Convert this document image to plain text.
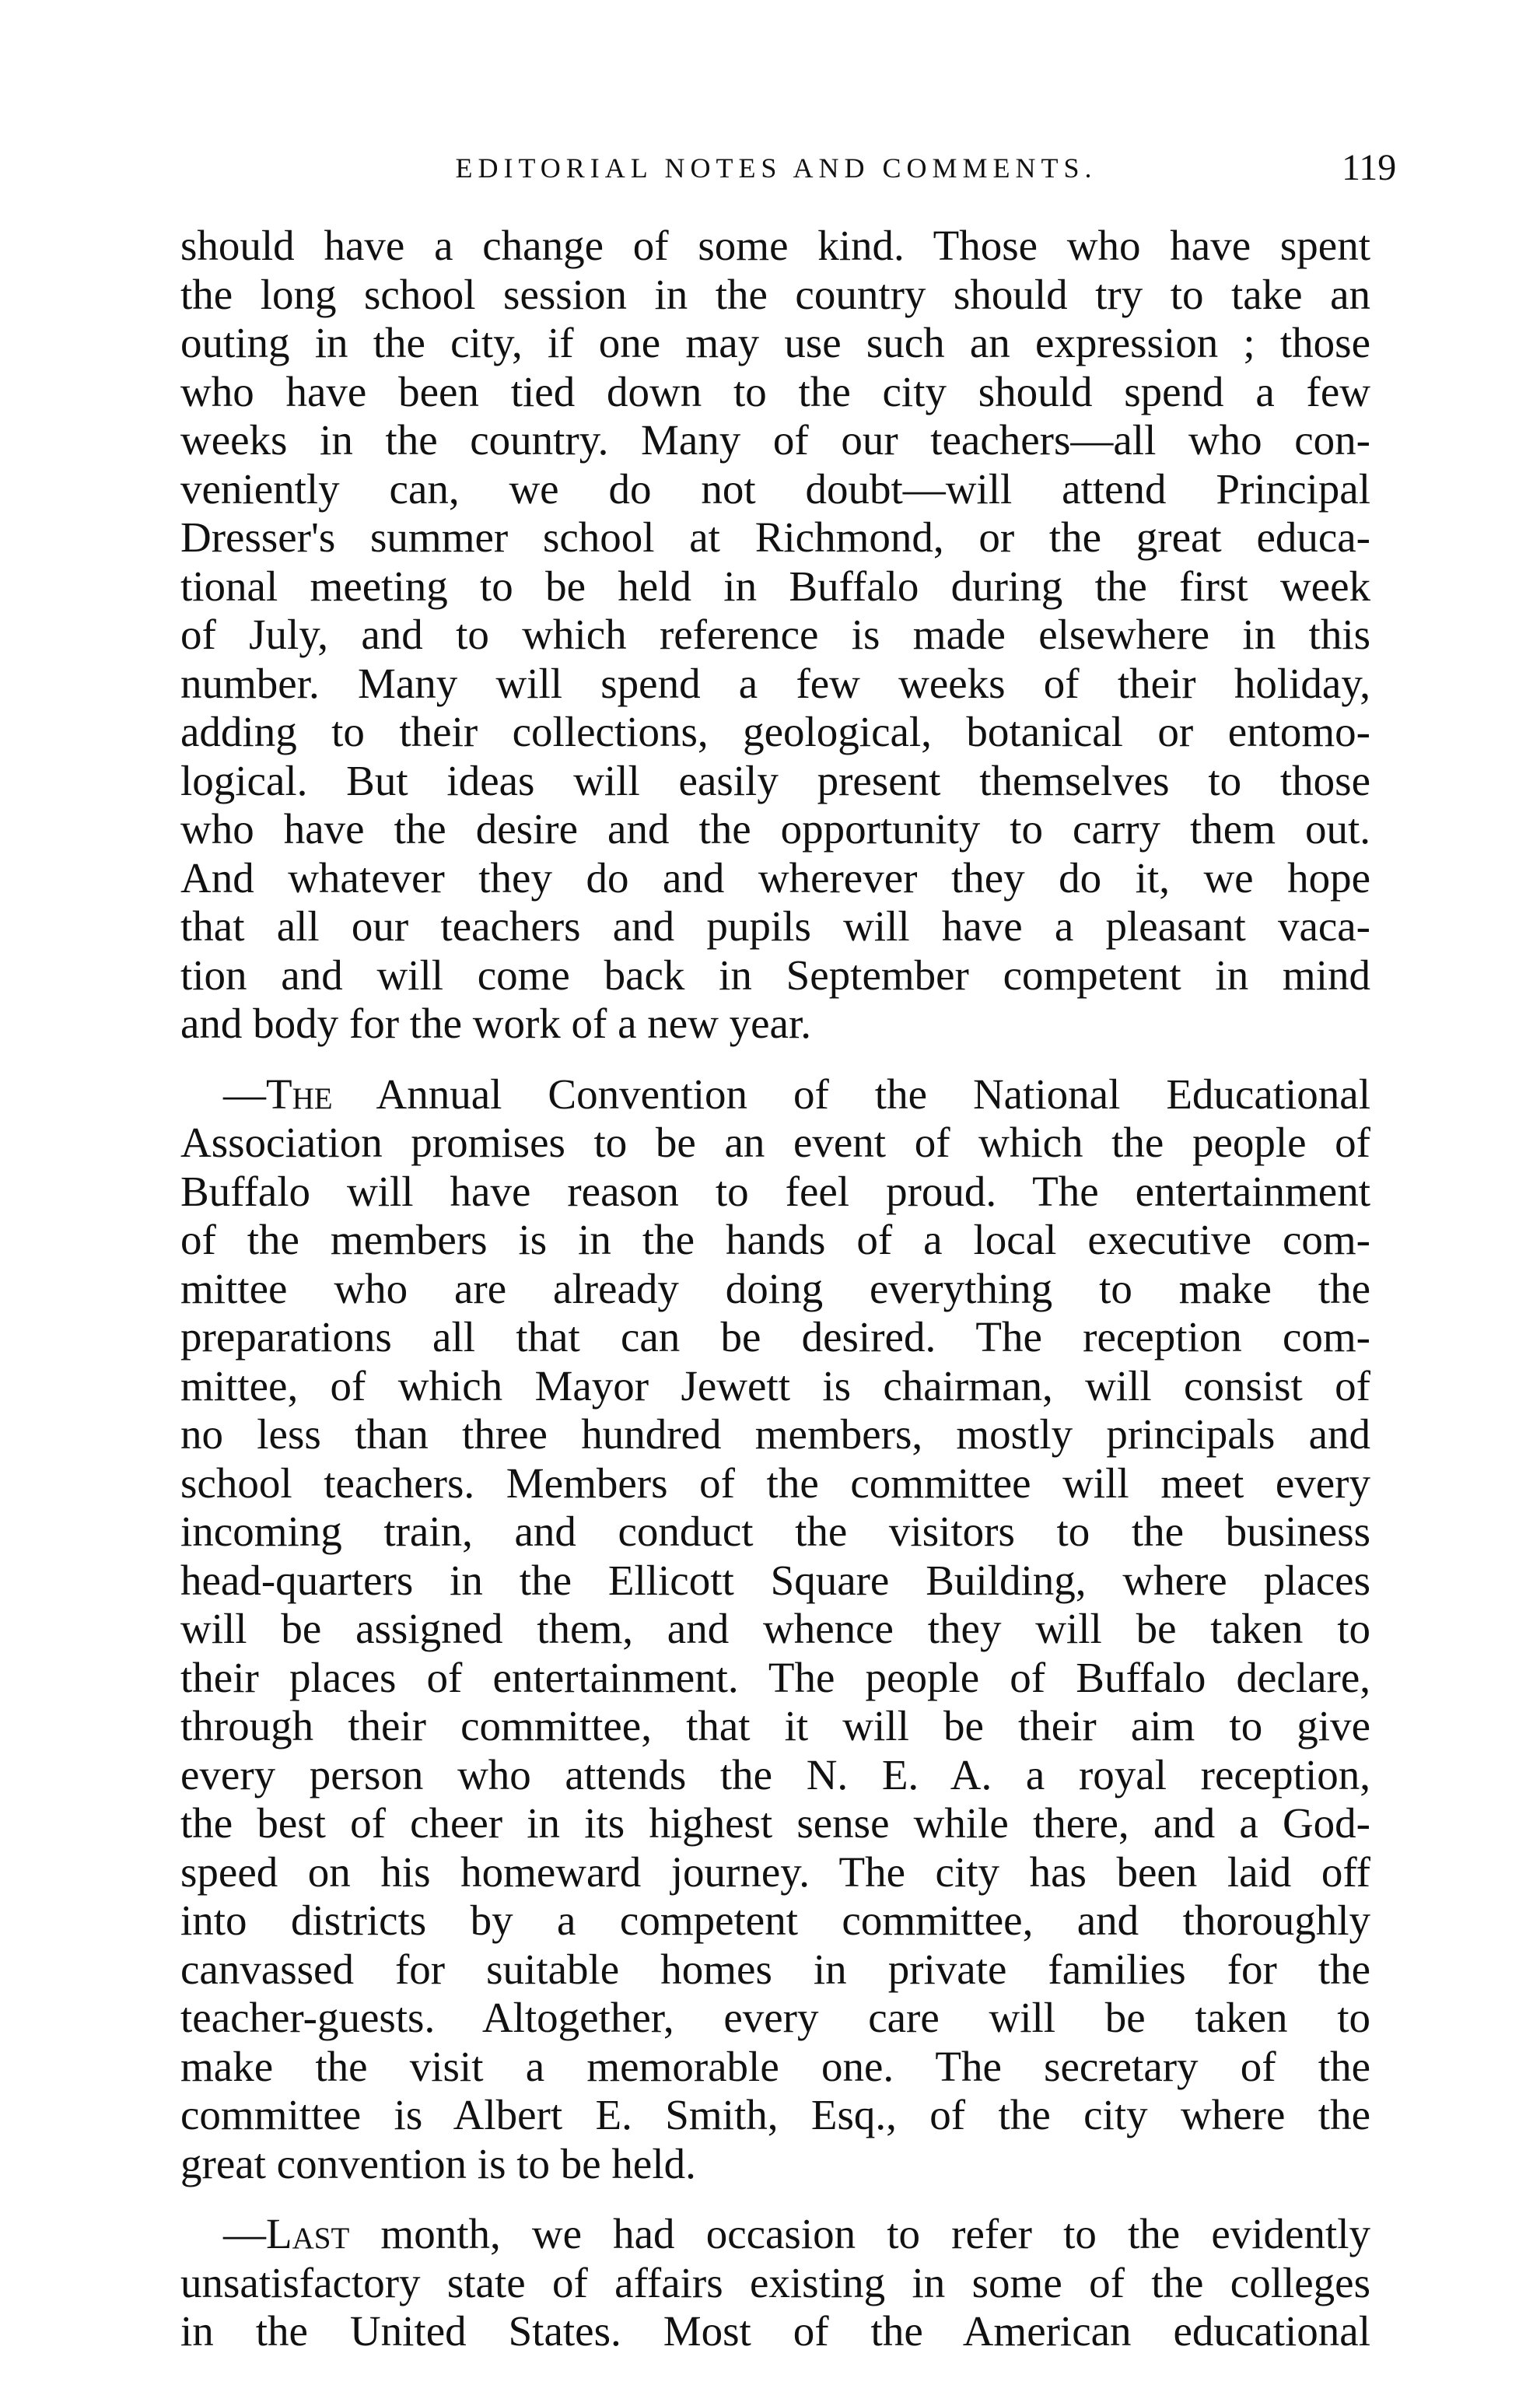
EDITORIAL NOTES AND COMMENTS.	119
should have a change of some kind. Those who have spent
the long school session in the country should try to take an
outing in the city, if one may use such an expression ; those
who have been tied down to the city should spend a few
weeks in the country. Many of our teachers—all who con-
veniently can, we do not doubt—will attend Principal
Dresser's summer school at Richmond, or the great educa-
tional meeting to be held in Buffalo during the first week
of July, and to which reference is made elsewhere in this
number. Many will spend a few weeks of their holiday,
adding to their collections, geological, botanical or entomo-
logical. But ideas will easily present themselves to those
who have the desire and the opportunity to carry them out.
And whatever they do and wherever they do it, we hope
that all our teachers and pupils will have a pleasant vaca-
tion and will come back in September competent in mind
and body for the work of a new year.
—The Annual Convention of the National Educational
Association promises to be an event of which the people of
Buffalo will have reason to feel proud. The entertainment
of the members is in the hands of a local executive com-
mittee who are already doing everything to make the
preparations all that can be desired. The reception com-
mittee, of which Mayor Jewett is chairman, will consist of
no less than three hundred members, mostly principals and
school teachers. Members of the committee will meet every
incoming train, and conduct the visitors to the business
head-quarters in the Ellicott Square Building, where places
will be assigned them, and whence they will be taken to
their places of entertainment. The people of Buffalo declare,
through their committee, that it will be their aim to give
every person who attends the N. E. A. a royal reception,
the best of cheer in its highest sense while there, and a God-
speed on his homeward journey. The city has been laid off
into districts by a competent committee, and thoroughly
canvassed for suitable homes in private families for the
teacher-guests. Altogether, every care will be taken to
make the visit a memorable one. The secretary of the
committee is Albert E. Smith, Esq., of the city where the
great convention is to be held.
—Last month, we had occasion to refer to the evidently
unsatisfactory state of affairs existing in some of the colleges
in the United States. Most of the American educational
